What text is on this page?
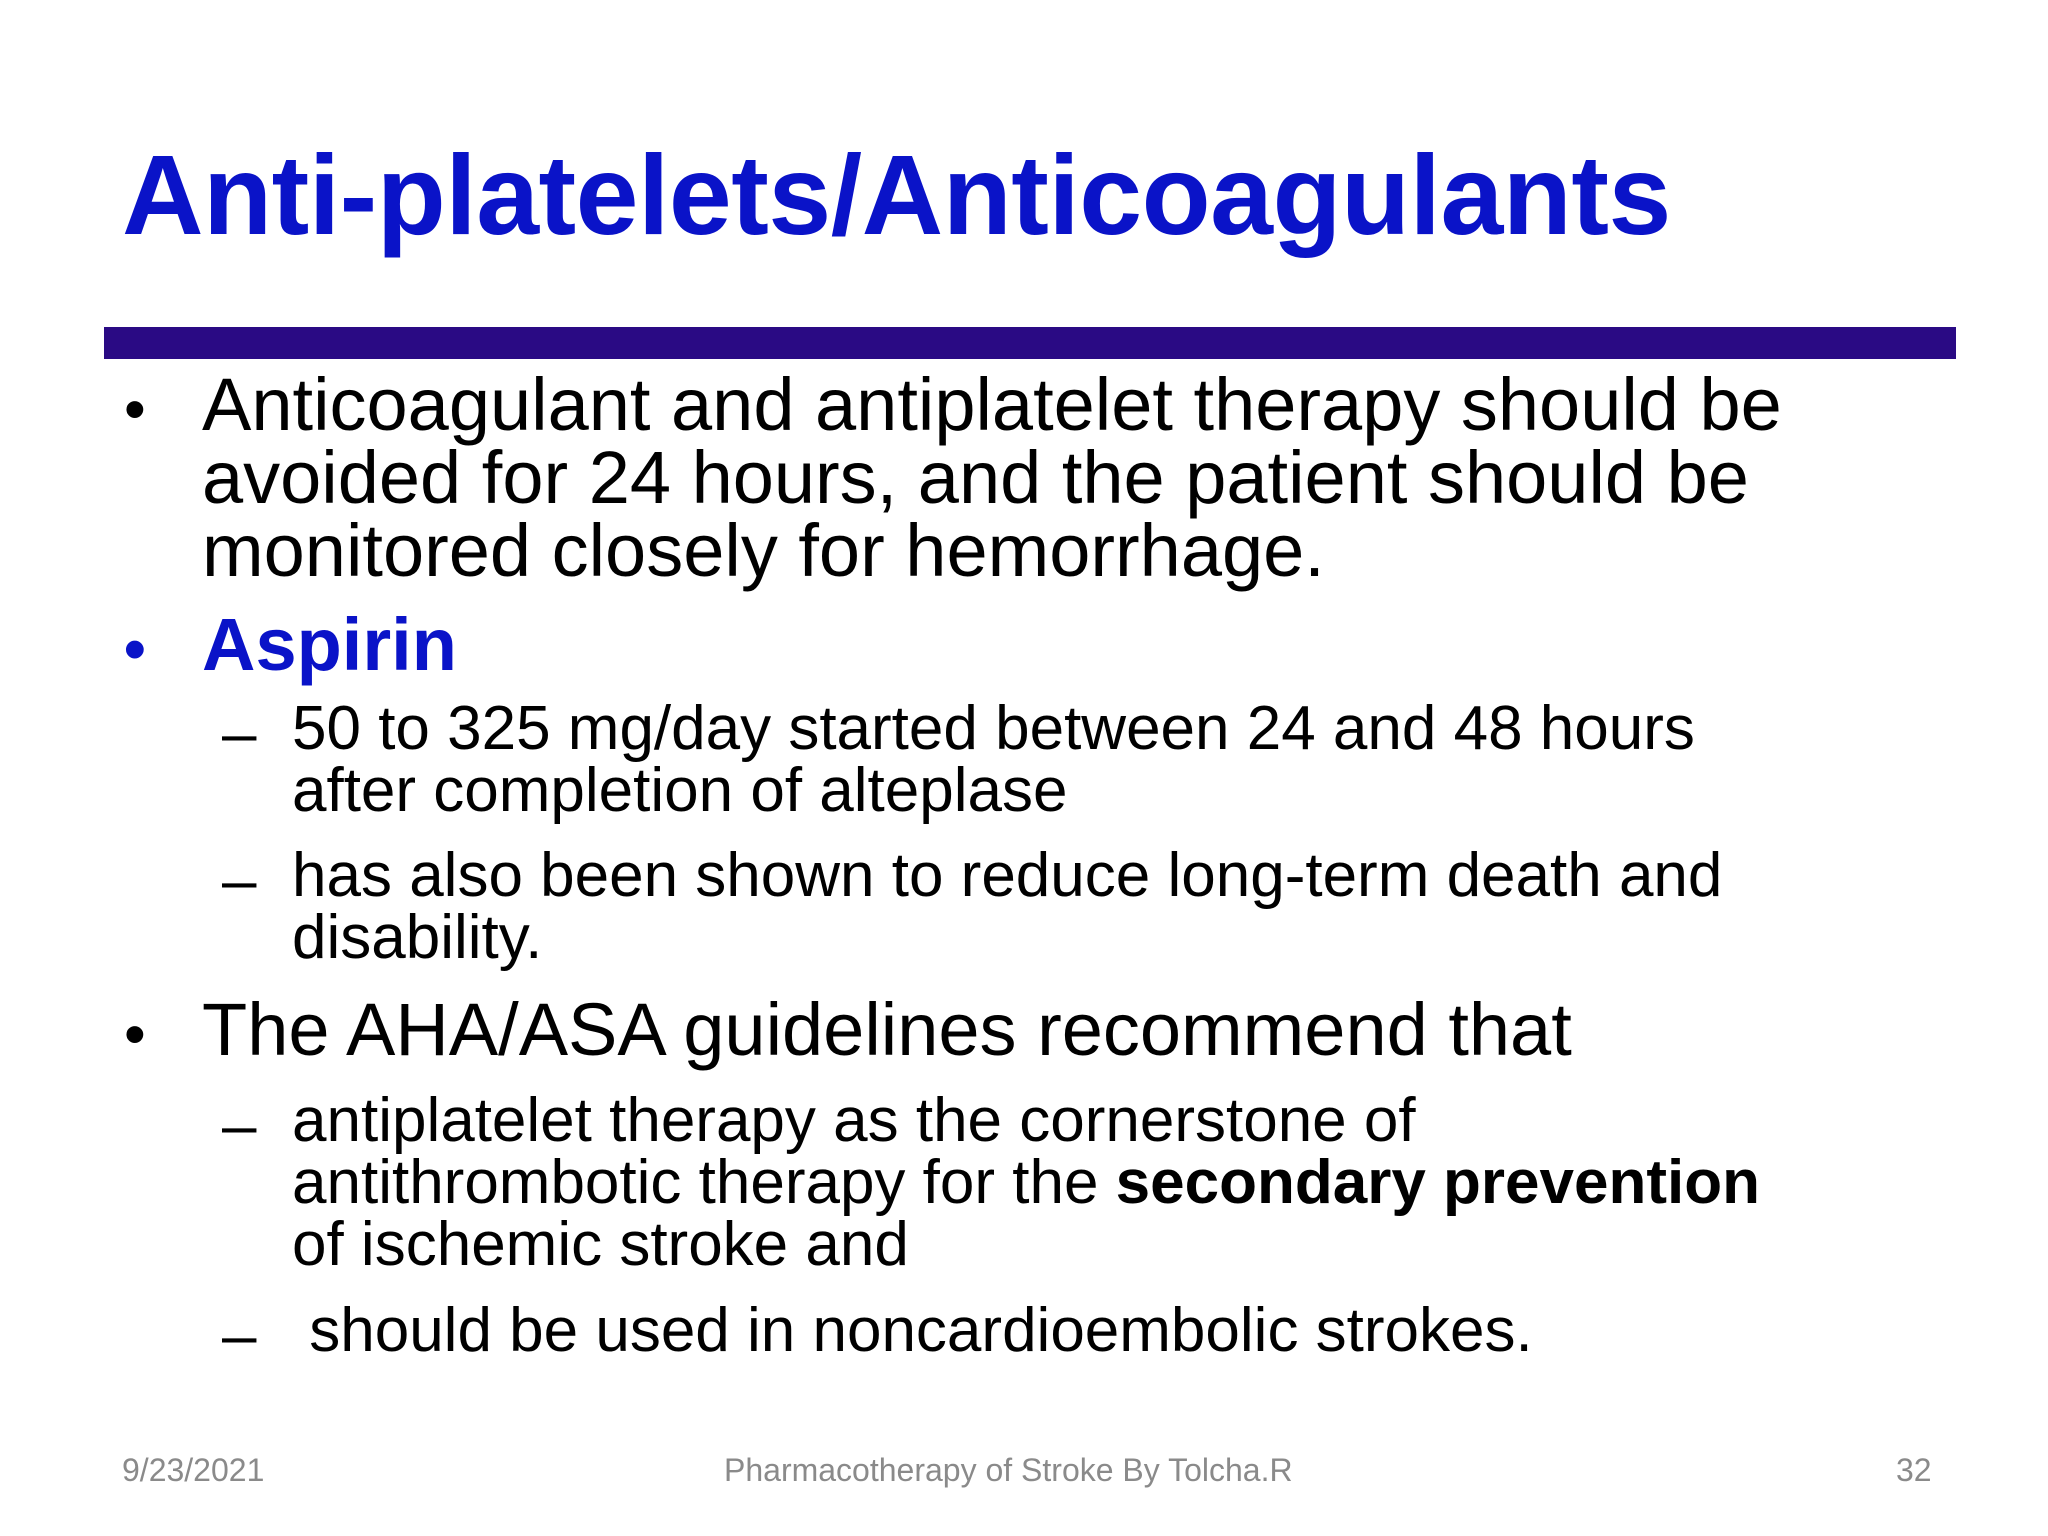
Anti-platelets/Anticoagulants
• Anticoagulant and antiplatelet therapy should be
avoided for 24 hours, and the patient should be
monitored closely for hemorrhage.
• Aspirin
– 50 to 325 mg/day started between 24 and 48 hours
after completion of alteplase
– has also been shown to reduce long-term death and
disability.
• The AHA/ASA guidelines recommend that
– antiplatelet therapy as the cornerstone of
antithrombotic therapy for the secondary prevention
of ischemic stroke and
– should be used in noncardioembolic strokes.
9/23/2021	Pharmacotherapy of Stroke By Tolcha.R	32
